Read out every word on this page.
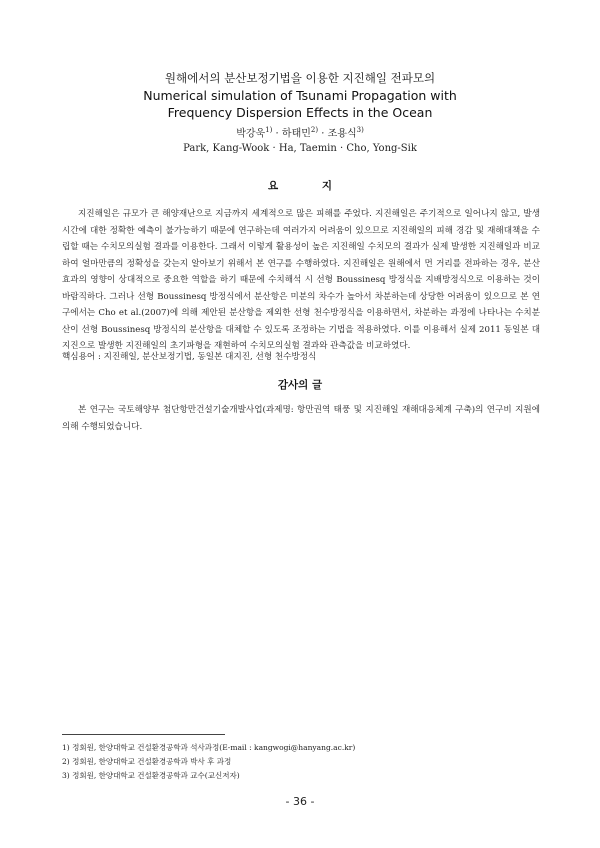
원해에서의 분산보정기법을 이용한 지진해일 전파모의
Numerical simulation of Tsunami Propagation with
Frequency Dispersion Effects in the Ocean
박강욱$^{1)}$ · 하태민$^{2)}$ · 조용식$^{3)}$
Park, Kang-Wook · Ha, Taemin · Cho, Yong-Sik
요 지
지진해일은 규모가 큰 해양재난으로 지금까지 세계적으로 많은 피해를 주었다. 지진해일은 주기적으로 일어나지 않고, 발생시간에 대한 정확한 예측이 불가능하기 때문에 연구하는데 여러가지 어려움이 있으므로 지진해일의 피해 경감 및 재해대책을 수립할 때는 수치모의실험 결과를 이용한다. 그래서 이렇게 활용성이 높은 지진해일 수치모의 결과가 실제 발생한 지진해일과 비교하여 얼마만큼의 정확성을 갖는지 알아보기 위해서 본 연구를 수행하였다. 지진해일은 원해에서 먼 거리를 전파하는 경우, 분산효과의 영향이 상대적으로 중요한 역할을 하기 때문에 수치해석 시 선형 Boussinesq 방정식을 지배방정식으로 이용하는 것이 바람직하다. 그러나 선형 Boussinesq 방정식에서 분산항은 미분의 차수가 높아서 차분하는데 상당한 어려움이 있으므로 본 연구에서는 Cho et al.(2007)에 의해 제안된 분산항을 제외한 선형 천수방정식을 이용하면서, 차분하는 과정에 나타나는 수치분산이 선형 Boussinesq 방정식의 분산항을 대체할 수 있도록 조정하는 기법을 적용하였다. 이를 이용해서 실제 2011 동일본 대지진으로 발생한 지진해일의 초기파형을 재현하여 수치모의실험 결과와 관측값을 비교하였다.
핵심용어 : 지진해일, 분산보정기법, 동일본 대지진, 선형 천수방정식
감사의 글
본 연구는 국토해양부 첨단항만건설기술개발사업(과제명: 항만권역 태풍 및 지진해일 재해대응체계 구축)의 연구비 지원에 의해 수행되었습니다.
1) 정회원, 한양대학교 건설환경공학과 석사과정(E-mail : kangwogi@hanyang.ac.kr)
2) 정회원, 한양대학교 건설환경공학과 박사 후 과정
3) 정회원, 한양대학교 건설환경공학과 교수(교신저자)
- 36 -
